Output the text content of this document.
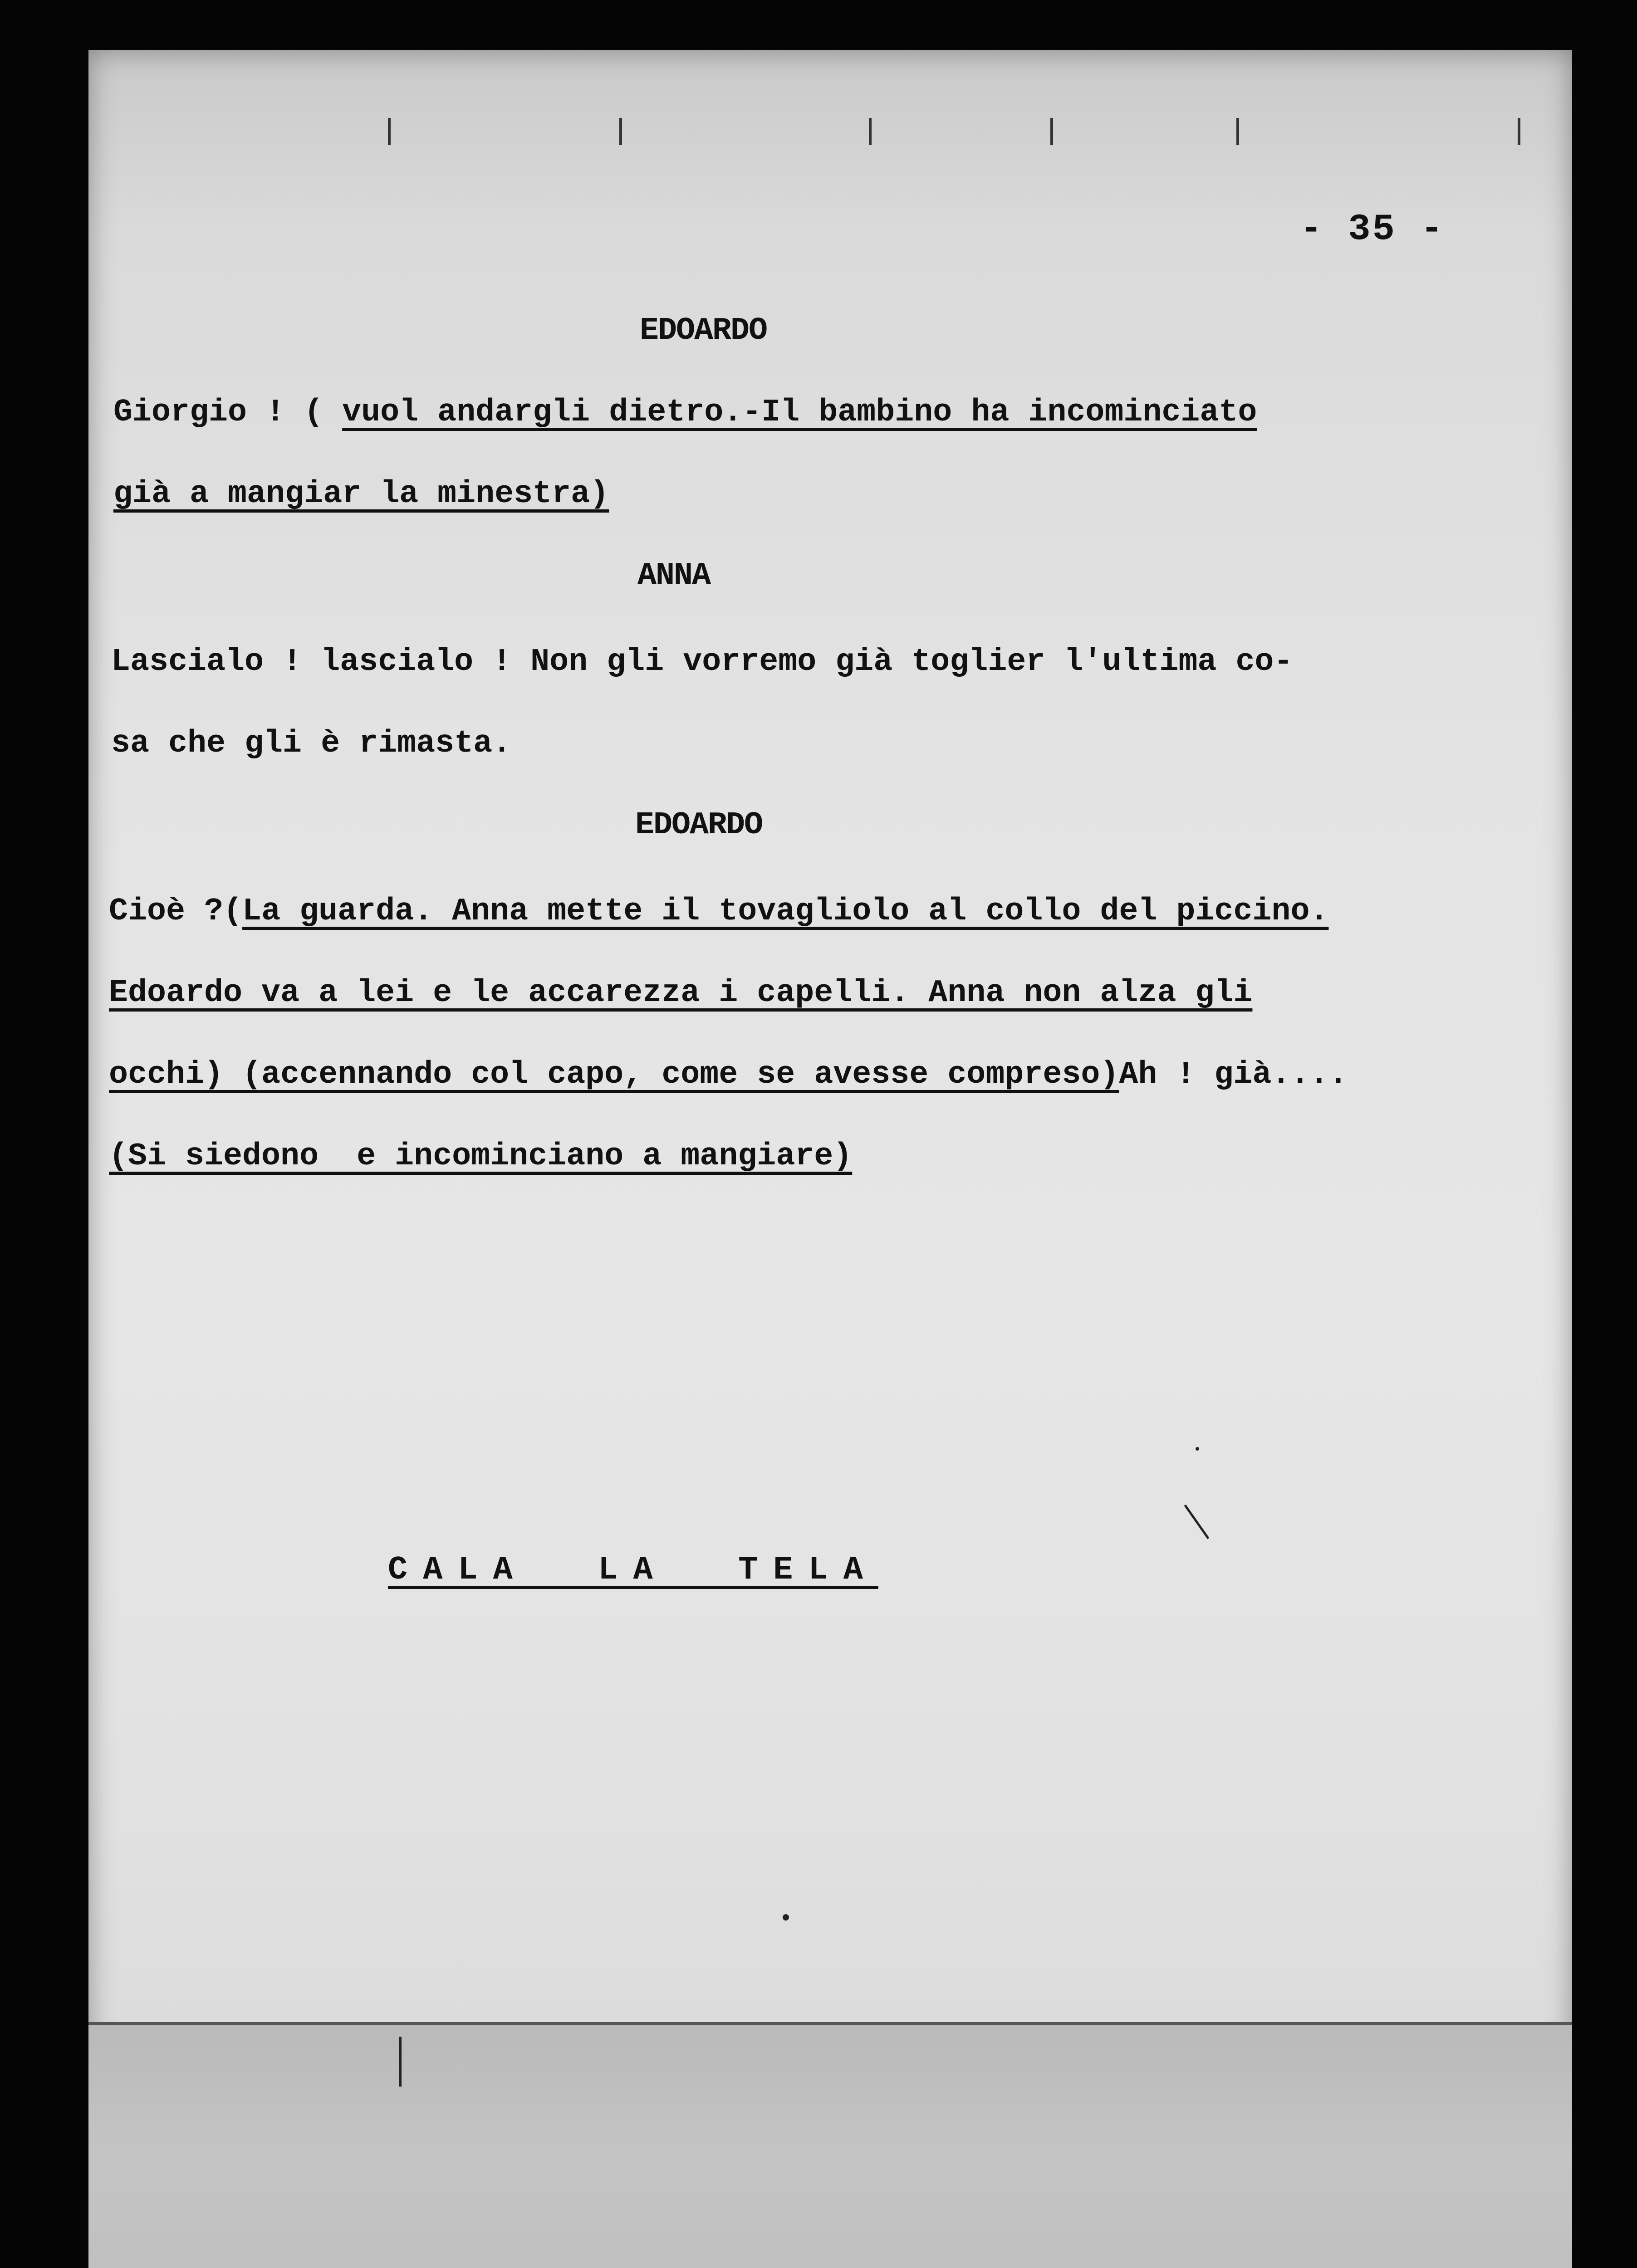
- 35 -

EDOARDO

Giorgio ! ( vuol andargli dietro.-Il bambino ha incominciato

già a mangiar la minestra)

ANNA

Lascialo ! lascialo ! Non gli vorremo già toglier l'ultima co-

sa che gli è rimasta.

EDOARDO

Cioè ?(La guarda. Anna mette il tovagliolo al collo del piccino.

Edoardo va a lei e le accarezza i capelli. Anna non alza gli

occhi) (accennando col capo, come se avesse compreso)Ah ! già....

(Si siedono  e incominciano a mangiare)

CALA  LA  TELA
